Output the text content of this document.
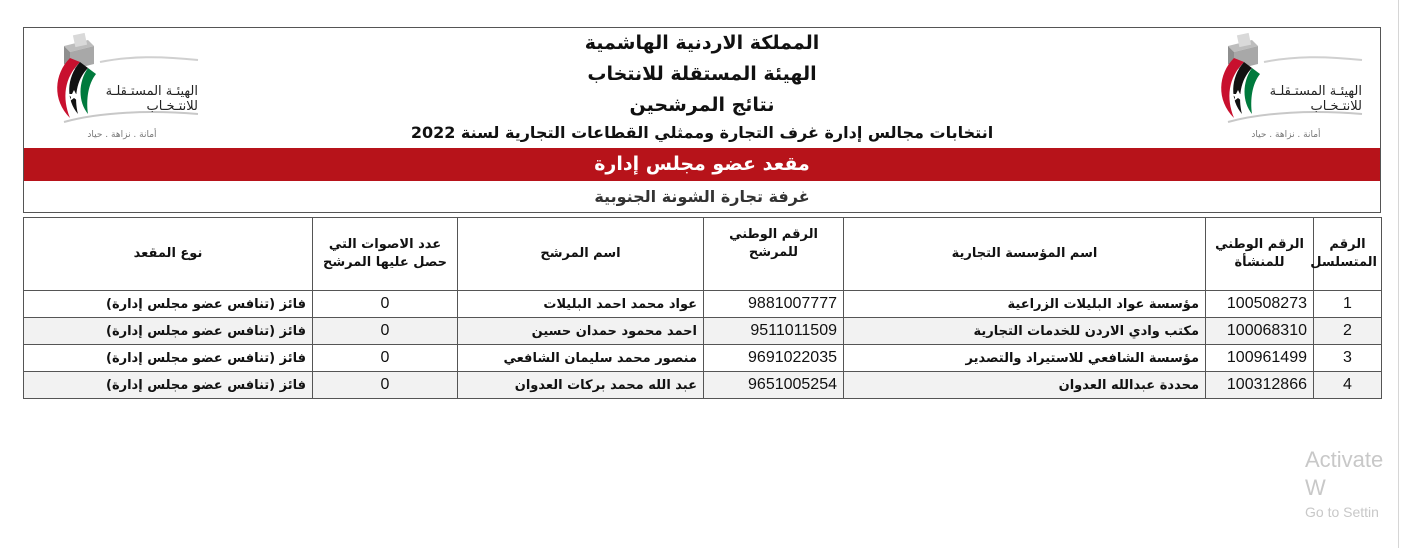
الهيئـة المستـقلـة للانتـخـاب
أمانة . نزاهة . حياد
المملكة الاردنية الهاشمية
الهيئة المستقلة للانتخاب
نتائج المرشحين
انتخابات مجالس إدارة غرف التجارة وممثلي القطاعات التجارية لسنة 2022
الهيئـة المستـقلـة للانتـخـاب
أمانة . نزاهة . حياد
مقعد عضو مجلس إدارة
غرفة تجارة الشونة الجنوبية
الرقم المتسلسل	الرقم الوطني للمنشأة	اسم المؤسسة التجارية	الرقم الوطني للمرشح	اسم المرشح	عدد الاصوات التي حصل عليها المرشح	نوع المقعد
1	100508273	مؤسسة عواد البليلات الزراعية	9881007777	عواد محمد احمد البليلات	0	فائز (تنافس عضو مجلس إدارة)
2	100068310	مكتب وادي الاردن للخدمات التجارية	9511011509	احمد محمود حمدان حسين	0	فائز (تنافس عضو مجلس إدارة)
3	100961499	مؤسسة الشافعي للاستيراد والتصدير	9691022035	منصور محمد سليمان الشافعي	0	فائز (تنافس عضو مجلس إدارة)
4	100312866	محددة عبدالله العدوان	9651005254	عبد الله محمد بركات العدوان	0	فائز (تنافس عضو مجلس إدارة)
Activate W
Go to Settin
